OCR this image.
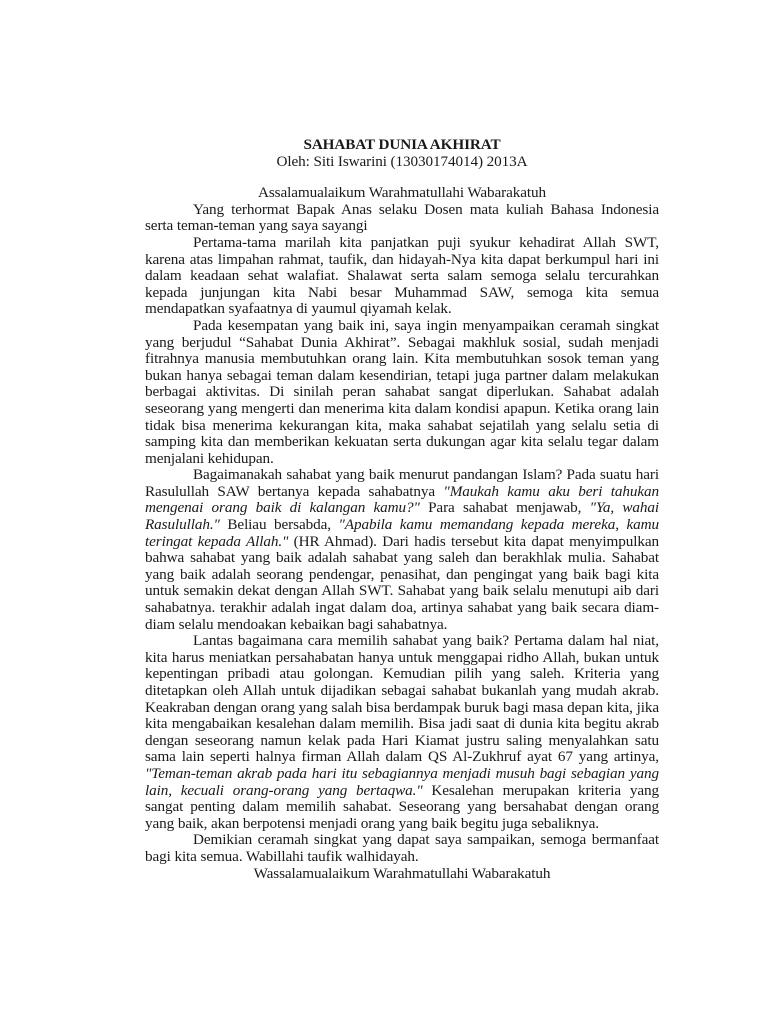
SAHABAT DUNIA AKHIRAT
Oleh: Siti Iswarini (13030174014) 2013A
Assalamualaikum Warahmatullahi Wabarakatuh

Yang terhormat Bapak Anas selaku Dosen mata kuliah Bahasa Indonesia serta teman-teman yang saya sayangi

Pertama-tama marilah kita panjatkan puji syukur kehadirat Allah SWT, karena atas limpahan rahmat, taufik, dan hidayah-Nya kita dapat berkumpul hari ini dalam keadaan sehat walafiat. Shalawat serta salam semoga selalu tercurahkan kepada junjungan kita Nabi besar Muhammad SAW, semoga kita semua mendapatkan syafaatnya di yaumul qiyamah kelak.

Pada kesempatan yang baik ini, saya ingin menyampaikan ceramah singkat yang berjudul “Sahabat Dunia Akhirat”. Sebagai makhluk sosial, sudah menjadi fitrahnya manusia membutuhkan orang lain. Kita membutuhkan sosok teman yang bukan hanya sebagai teman dalam kesendirian, tetapi juga partner dalam melakukan berbagai aktivitas. Di sinilah peran sahabat sangat diperlukan. Sahabat adalah seseorang yang mengerti dan menerima kita dalam kondisi apapun. Ketika orang lain tidak bisa menerima kekurangan kita, maka sahabat sejatilah yang selalu setia di samping kita dan memberikan kekuatan serta dukungan agar kita selalu tegar dalam menjalani kehidupan.

Bagaimanakah sahabat yang baik menurut pandangan Islam? Pada suatu hari Rasulullah SAW bertanya kepada sahabatnya "Maukah kamu aku beri tahukan mengenai orang baik di kalangan kamu?" Para sahabat menjawab, "Ya, wahai Rasulullah." Beliau bersabda, "Apabila kamu memandang kepada mereka, kamu teringat kepada Allah." (HR Ahmad). Dari hadis tersebut kita dapat menyimpulkan bahwa sahabat yang baik adalah sahabat yang saleh dan berakhlak mulia. Sahabat yang baik adalah seorang pendengar, penasihat, dan pengingat yang baik bagi kita untuk semakin dekat dengan Allah SWT. Sahabat yang baik selalu menutupi aib dari sahabatnya. terakhir adalah ingat dalam doa, artinya sahabat yang baik secara diam-diam selalu mendoakan kebaikan bagi sahabatnya.

Lantas bagaimana cara memilih sahabat yang baik? Pertama dalam hal niat, kita harus meniatkan persahabatan hanya untuk menggapai ridho Allah, bukan untuk kepentingan pribadi atau golongan. Kemudian pilih yang saleh. Kriteria yang ditetapkan oleh Allah untuk dijadikan sebagai sahabat bukanlah yang mudah akrab. Keakraban dengan orang yang salah bisa berdampak buruk bagi masa depan kita, jika kita mengabaikan kesalehan dalam memilih. Bisa jadi saat di dunia kita begitu akrab dengan seseorang namun kelak pada Hari Kiamat justru saling menyalahkan satu sama lain seperti halnya firman Allah dalam QS Al-Zukhruf ayat 67 yang artinya, "Teman-teman akrab pada hari itu sebagiannya menjadi musuh bagi sebagian yang lain, kecuali orang-orang yang bertaqwa." Kesalehan merupakan kriteria yang sangat penting dalam memilih sahabat. Seseorang yang bersahabat dengan orang yang baik, akan berpotensi menjadi orang yang baik begitu juga sebaliknya.

Demikian ceramah singkat yang dapat saya sampaikan, semoga bermanfaat bagi kita semua. Wabillahi taufik walhidayah.

Wassalamualaikum Warahmatullahi Wabarakatuh
